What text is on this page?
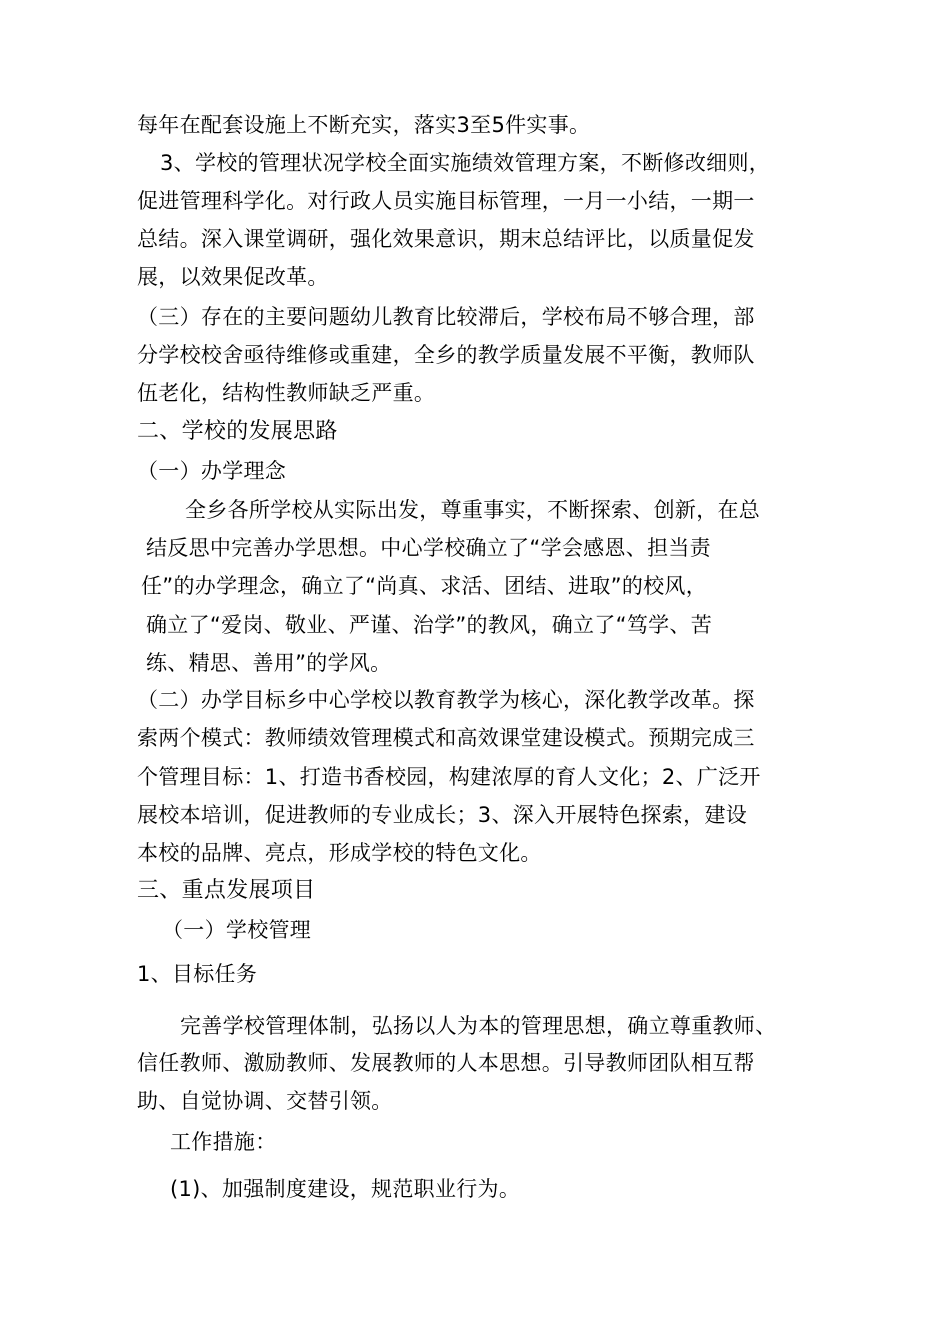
每年在配套设施上不断充实，落实3至5件实事。
3、学校的管理状况学校全面实施绩效管理方案，不断修改细则，
促进管理科学化。对行政人员实施目标管理，一月一小结，一期一
总结。深入课堂调研，强化效果意识，期末总结评比，以质量促发
展，以效果促改革。
（三）存在的主要问题幼儿教育比较滞后，学校布局不够合理，部
分学校校舍亟待维修或重建，全乡的教学质量发展不平衡，教师队
伍老化，结构性教师缺乏严重。
二、学校的发展思路
（一）办学理念
全乡各所学校从实际出发，尊重事实，不断探索、创新，在总
结反思中完善办学思想。中心学校确立了“学会感恩、担当责
任”的办学理念，确立了“尚真、求活、团结、进取”的校风，
确立了“爱岗、敬业、严谨、治学”的教风，确立了“笃学、苦
练、精思、善用”的学风。
（二）办学目标乡中心学校以教育教学为核心，深化教学改革。探
索两个模式：教师绩效管理模式和高效课堂建设模式。预期完成三
个管理目标：1、打造书香校园，构建浓厚的育人文化；2、广泛开
展校本培训，促进教师的专业成长；3、深入开展特色探索，建设
本校的品牌、亮点，形成学校的特色文化。
三、重点发展项目
（一）学校管理
1、目标任务
完善学校管理体制，弘扬以人为本的管理思想，确立尊重教师、
信任教师、激励教师、发展教师的人本思想。引导教师团队相互帮
助、自觉协调、交替引领。
工作措施：
(1)、加强制度建设，规范职业行为。
